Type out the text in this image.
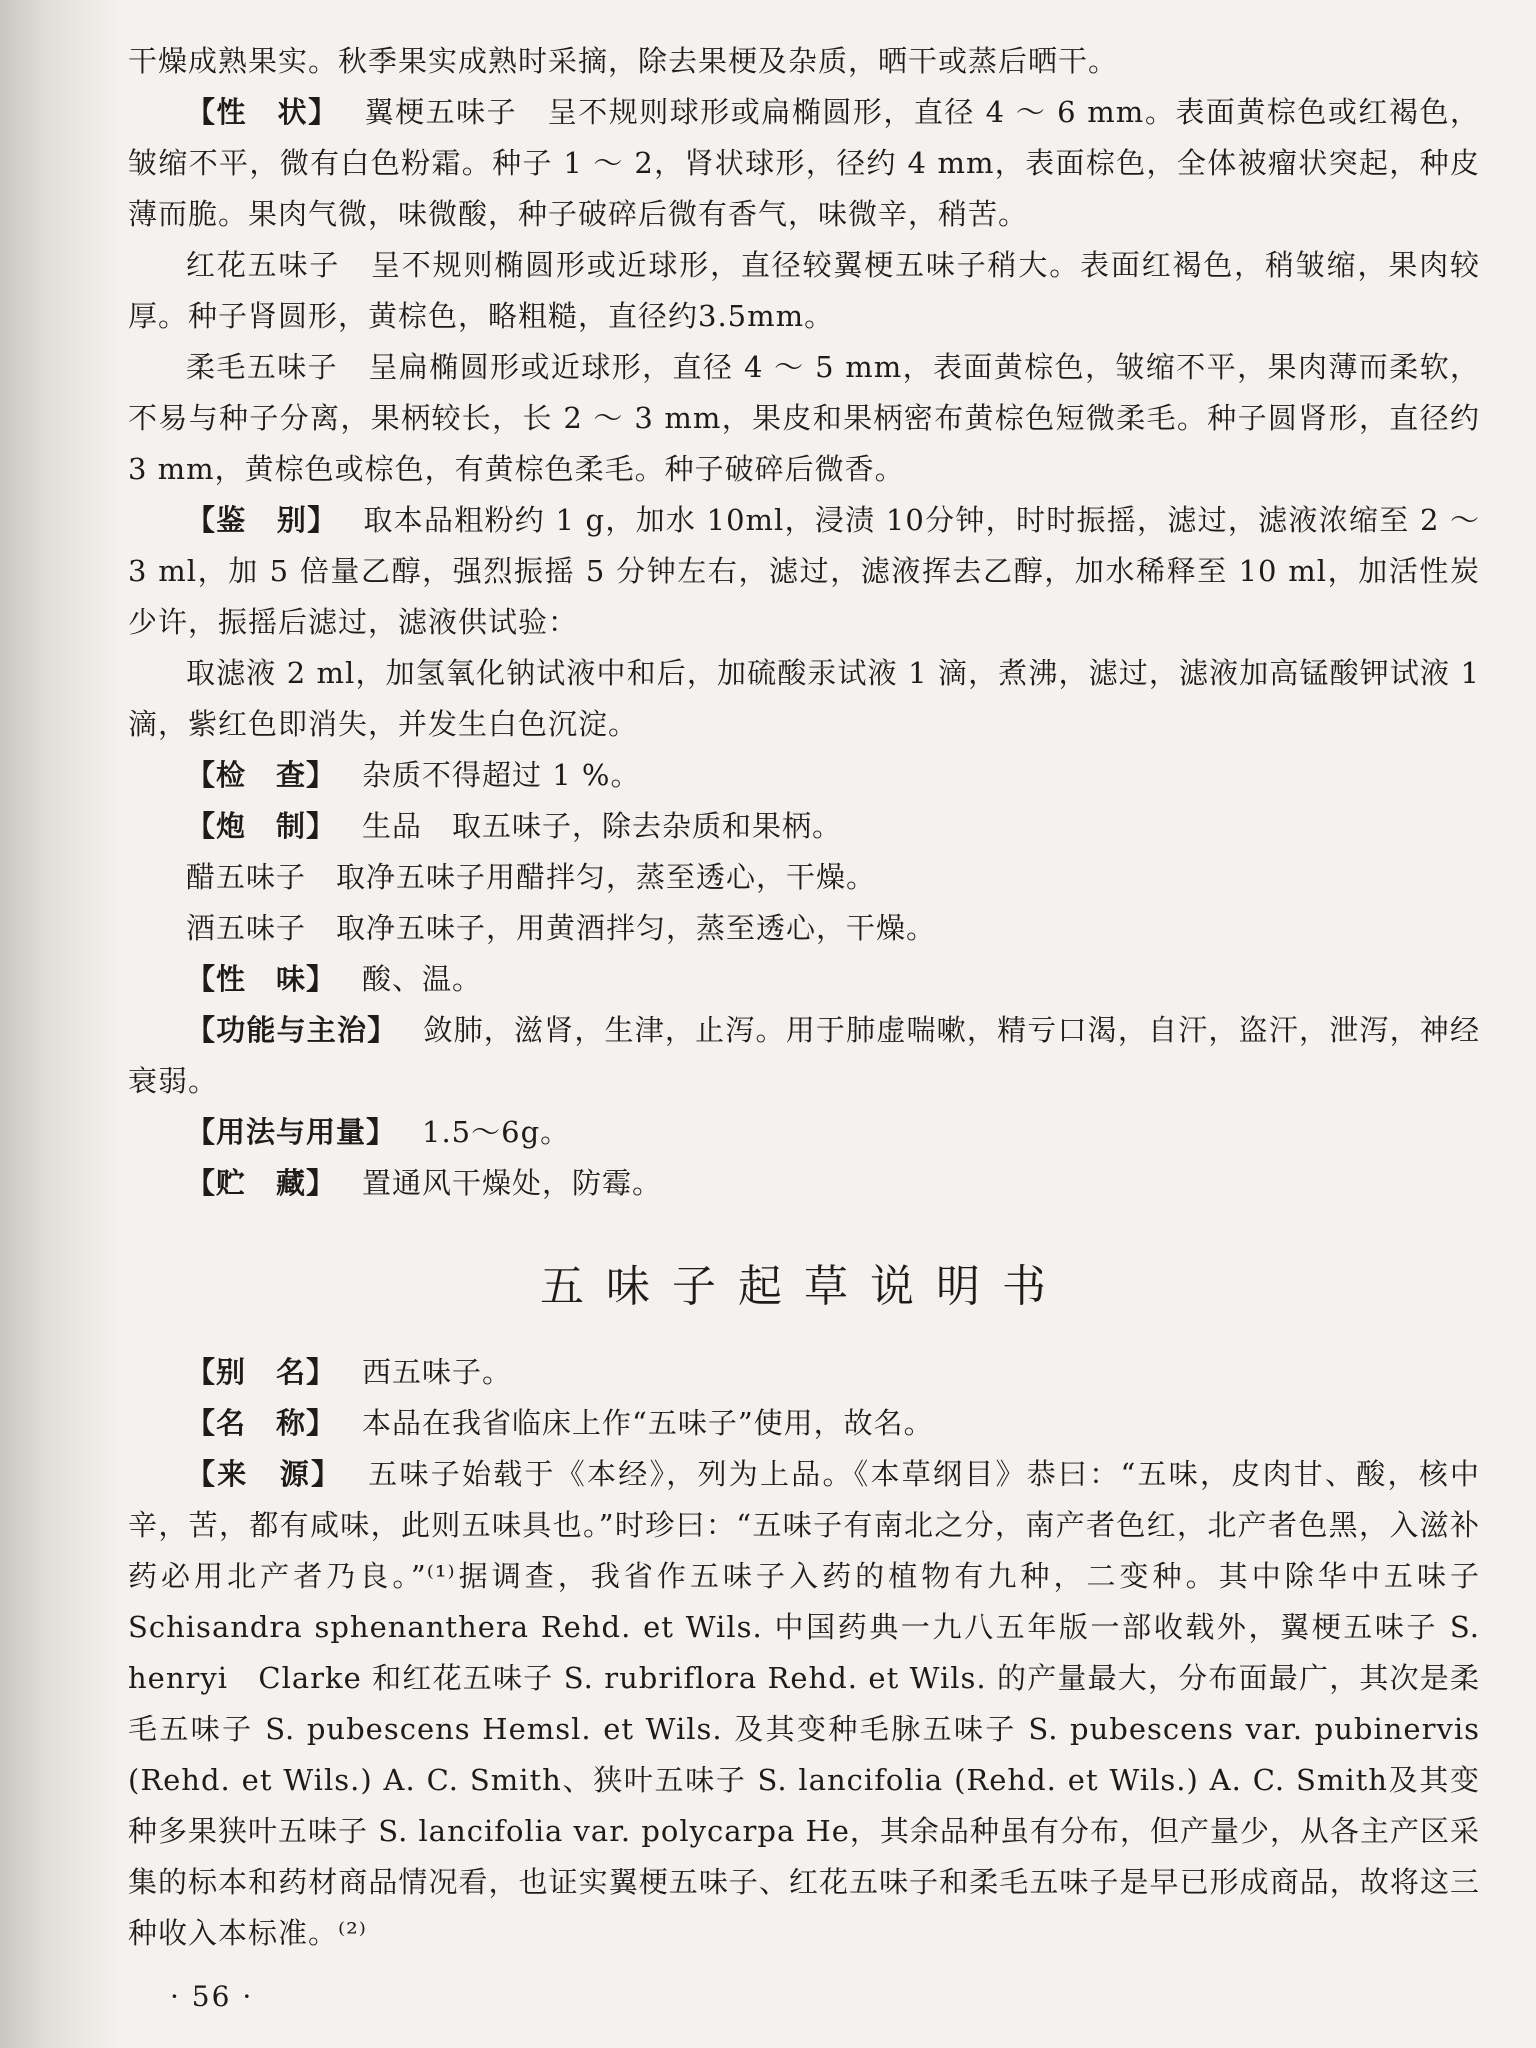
干燥成熟果实。秋季果实成熟时采摘，除去果梗及杂质，晒干或蒸后晒干。

【性　状】 翼梗五味子　呈不规则球形或扁椭圆形，直径 4 ～ 6 mm。表面黄棕色或红褐色，皱缩不平，微有白色粉霜。种子 1 ～ 2，肾状球形，径约 4 mm，表面棕色，全体被瘤状突起，种皮薄而脆。果肉气微，味微酸，种子破碎后微有香气，味微辛，稍苦。

红花五味子　呈不规则椭圆形或近球形，直径较翼梗五味子稍大。表面红褐色，稍皱缩，果肉较厚。种子肾圆形，黄棕色，略粗糙，直径约3.5mm。

柔毛五味子　呈扁椭圆形或近球形，直径 4 ～ 5 mm，表面黄棕色，皱缩不平，果肉薄而柔软，不易与种子分离，果柄较长，长 2 ～ 3 mm，果皮和果柄密布黄棕色短微柔毛。种子圆肾形，直径约 3 mm，黄棕色或棕色，有黄棕色柔毛。种子破碎后微香。

【鉴　别】 取本品粗粉约 1 g，加水 10ml，浸渍 10分钟，时时振摇，滤过，滤液浓缩至 2 ～ 3 ml，加 5 倍量乙醇，强烈振摇 5 分钟左右，滤过，滤液挥去乙醇，加水稀释至 10 ml，加活性炭少许，振摇后滤过，滤液供试验：

取滤液 2 ml，加氢氧化钠试液中和后，加硫酸汞试液 1 滴，煮沸，滤过，滤液加高锰酸钾试液 1 滴，紫红色即消失，并发生白色沉淀。

【检　查】 杂质不得超过 1 %。

【炮　制】 生品　取五味子，除去杂质和果柄。

醋五味子　取净五味子用醋拌匀，蒸至透心，干燥。

酒五味子　取净五味子，用黄酒拌匀，蒸至透心，干燥。

【性　味】 酸、温。

【功能与主治】 敛肺，滋肾，生津，止泻。用于肺虚喘嗽，精亏口渴，自汗，盗汗，泄泻，神经衰弱。

【用法与用量】 1.5～6g。

【贮　藏】 置通风干燥处，防霉。

五味子起草说明书

【别　名】 西五味子。

【名　称】 本品在我省临床上作“五味子”使用，故名。

【来　源】 五味子始载于《本经》，列为上品。《本草纲目》恭曰：“五味，皮肉甘、酸，核中辛，苦，都有咸味，此则五味具也。”时珍曰：“五味子有南北之分，南产者色红，北产者色黑，入滋补药必用北产者乃良。”⁽¹⁾据调查，我省作五味子入药的植物有九种，二变种。其中除华中五味子 Schisandra sphenanthera Rehd. et Wils. 中国药典一九八五年版一部收载外，翼梗五味子 S. henryi　Clarke 和红花五味子 S. rubriflora Rehd. et Wils. 的产量最大，分布面最广，其次是柔毛五味子 S. pubescens Hemsl. et Wils. 及其变种毛脉五味子 S. pubescens var. pubinervis (Rehd. et Wils.) A. C. Smith、狭叶五味子 S. lancifolia (Rehd. et Wils.) A. C. Smith及其变种多果狭叶五味子 S. lancifolia var. polycarpa He，其余品种虽有分布，但产量少，从各主产区采集的标本和药材商品情况看，也证实翼梗五味子、红花五味子和柔毛五味子是早已形成商品，故将这三种收入本标准。⁽²⁾

· 56 ·
